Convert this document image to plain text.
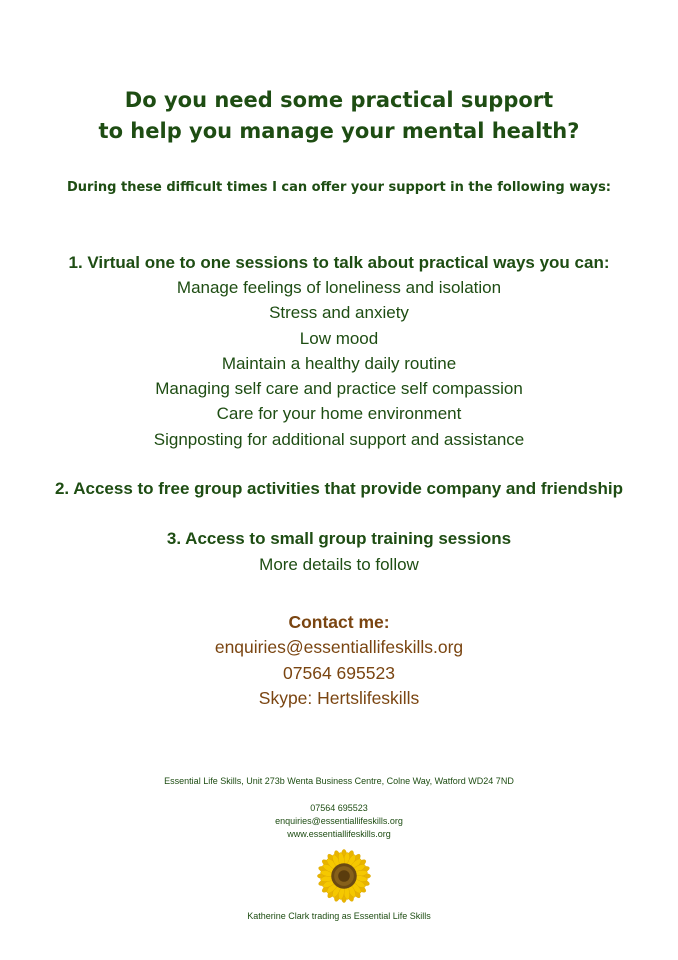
Do you need some practical support
to help you manage your mental health?
During these difficult times I can offer your support in the following ways:
1. Virtual one to one sessions to talk about practical ways you can:
Manage feelings of loneliness and isolation
Stress and anxiety
Low mood
Maintain a healthy daily routine
Managing self care and practice self compassion
Care for your home environment
Signposting for additional support and assistance
2. Access to free group activities that provide company and friendship
3. Access to small group training sessions
More details to follow
Contact me:
enquiries@essentiallifeskills.org
07564 695523
Skype: Hertslifeskills
Essential Life Skills, Unit 273b Wenta Business Centre, Colne Way, Watford WD24 7ND
07564 695523
enquiries@essentiallifeskills.org
www.essentiallifeskills.org
Katherine Clark trading as Essential Life Skills
